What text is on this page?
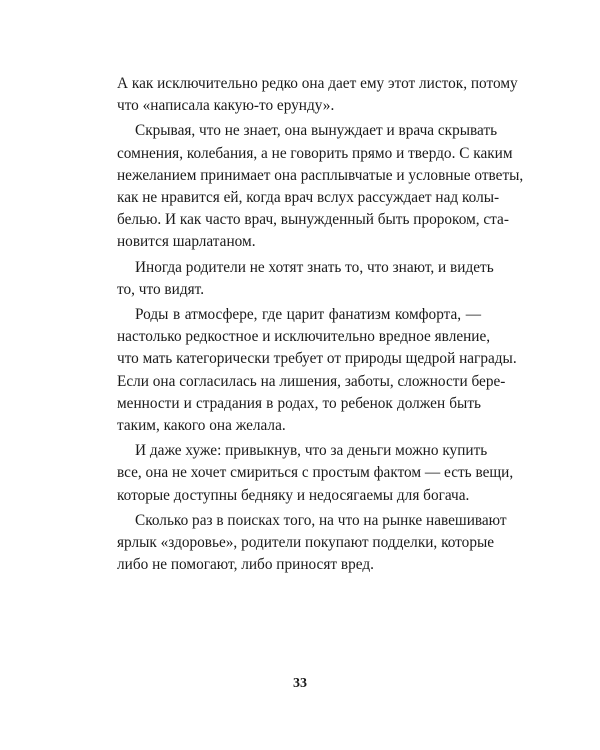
А как исключительно редко она дает ему этот листок, потому
что «написала какую-то ерунду».

Скрывая, что не знает, она вынуждает и врача скрывать
сомнения, колебания, а не говорить прямо и твердо. С каким
нежеланием принимает она расплывчатые и условные ответы,
как не нравится ей, когда врач вслух рассуждает над колы-
белью. И как часто врач, вынужденный быть пророком, ста-
новится шарлатаном.

Иногда родители не хотят знать то, что знают, и видеть
то, что видят.

Роды в атмосфере, где царит фанатизм комфорта, —
настолько редкостное и исключительно вредное явление,
что мать категорически требует от природы щедрой награды.
Если она согласилась на лишения, заботы, сложности бере-
менности и страдания в родах, то ребенок должен быть
таким, какого она желала.

И даже хуже: привыкнув, что за деньги можно купить
все, она не хочет смириться с простым фактом — есть вещи,
которые доступны бедняку и недосягаемы для богача.

Сколько раз в поисках того, на что на рынке навешивают
ярлык «здоровье», родители покупают подделки, которые
либо не помогают, либо приносят вред.

33
